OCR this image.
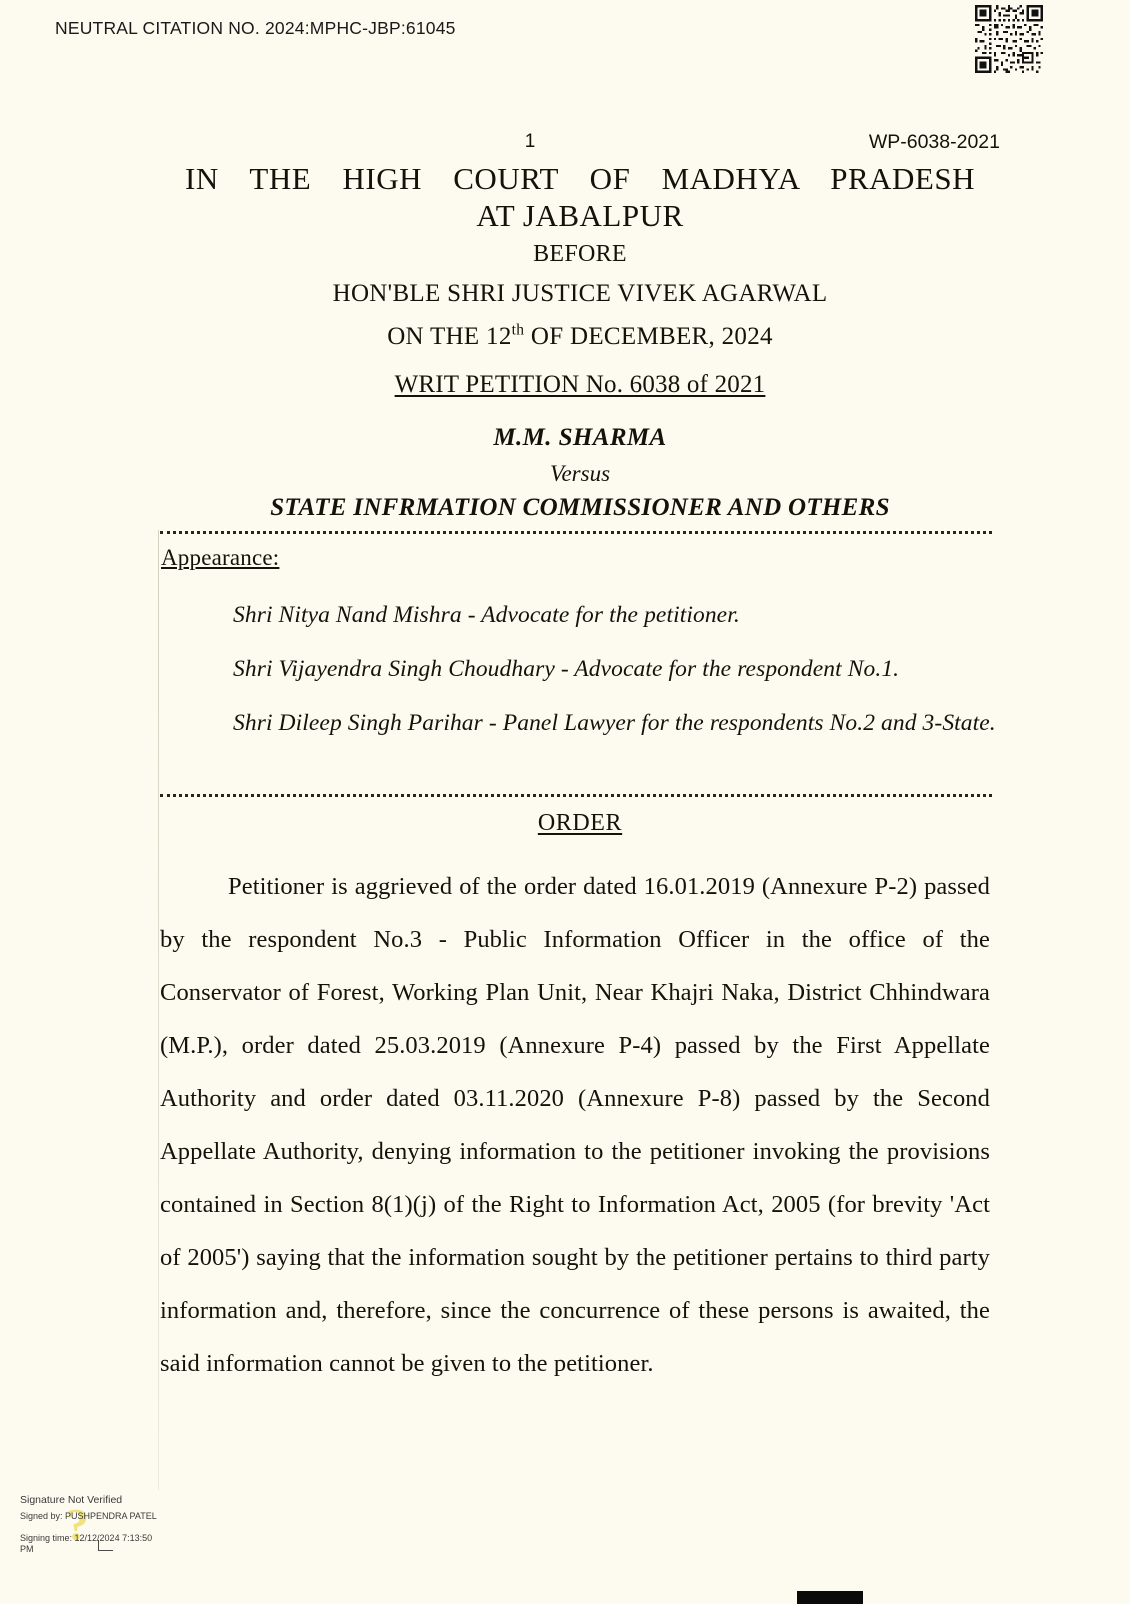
NEUTRAL CITATION NO. 2024:MPHC-JBP:61045
1	WP-6038-2021
IN THE HIGH COURT OF MADHYA PRADESH
AT JABALPUR
BEFORE
HON'BLE SHRI JUSTICE VIVEK AGARWAL
ON THE 12th OF DECEMBER, 2024
WRIT PETITION No. 6038 of 2021
M.M. SHARMA
Versus
STATE INFRMATION COMMISSIONER AND OTHERS
Appearance:
Shri Nitya Nand Mishra - Advocate for the petitioner.
Shri Vijayendra Singh Choudhary - Advocate for the respondent No.1.
Shri Dileep Singh Parihar - Panel Lawyer for the respondents No.2 and 3-State.
ORDER
Petitioner is aggrieved of the order dated 16.01.2019 (Annexure P-2) passed by the respondent No.3 - Public Information Officer in the office of the Conservator of Forest, Working Plan Unit, Near Khajri Naka, District Chhindwara (M.P.), order dated 25.03.2019 (Annexure P-4) passed by the First Appellate Authority and order dated 03.11.2020 (Annexure P-8) passed by the Second Appellate Authority, denying information to the petitioner invoking the provisions contained in Section 8(1)(j) of the Right to Information Act, 2005 (for brevity 'Act of 2005') saying that the information sought by the petitioner pertains to third party information and, therefore, since the concurrence of these persons is awaited, the said information cannot be given to the petitioner.
?
Signature Not Verified
Signed by: PUSHPENDRA PATEL
Signing time: 12/12/2024 7:13:50 PM
